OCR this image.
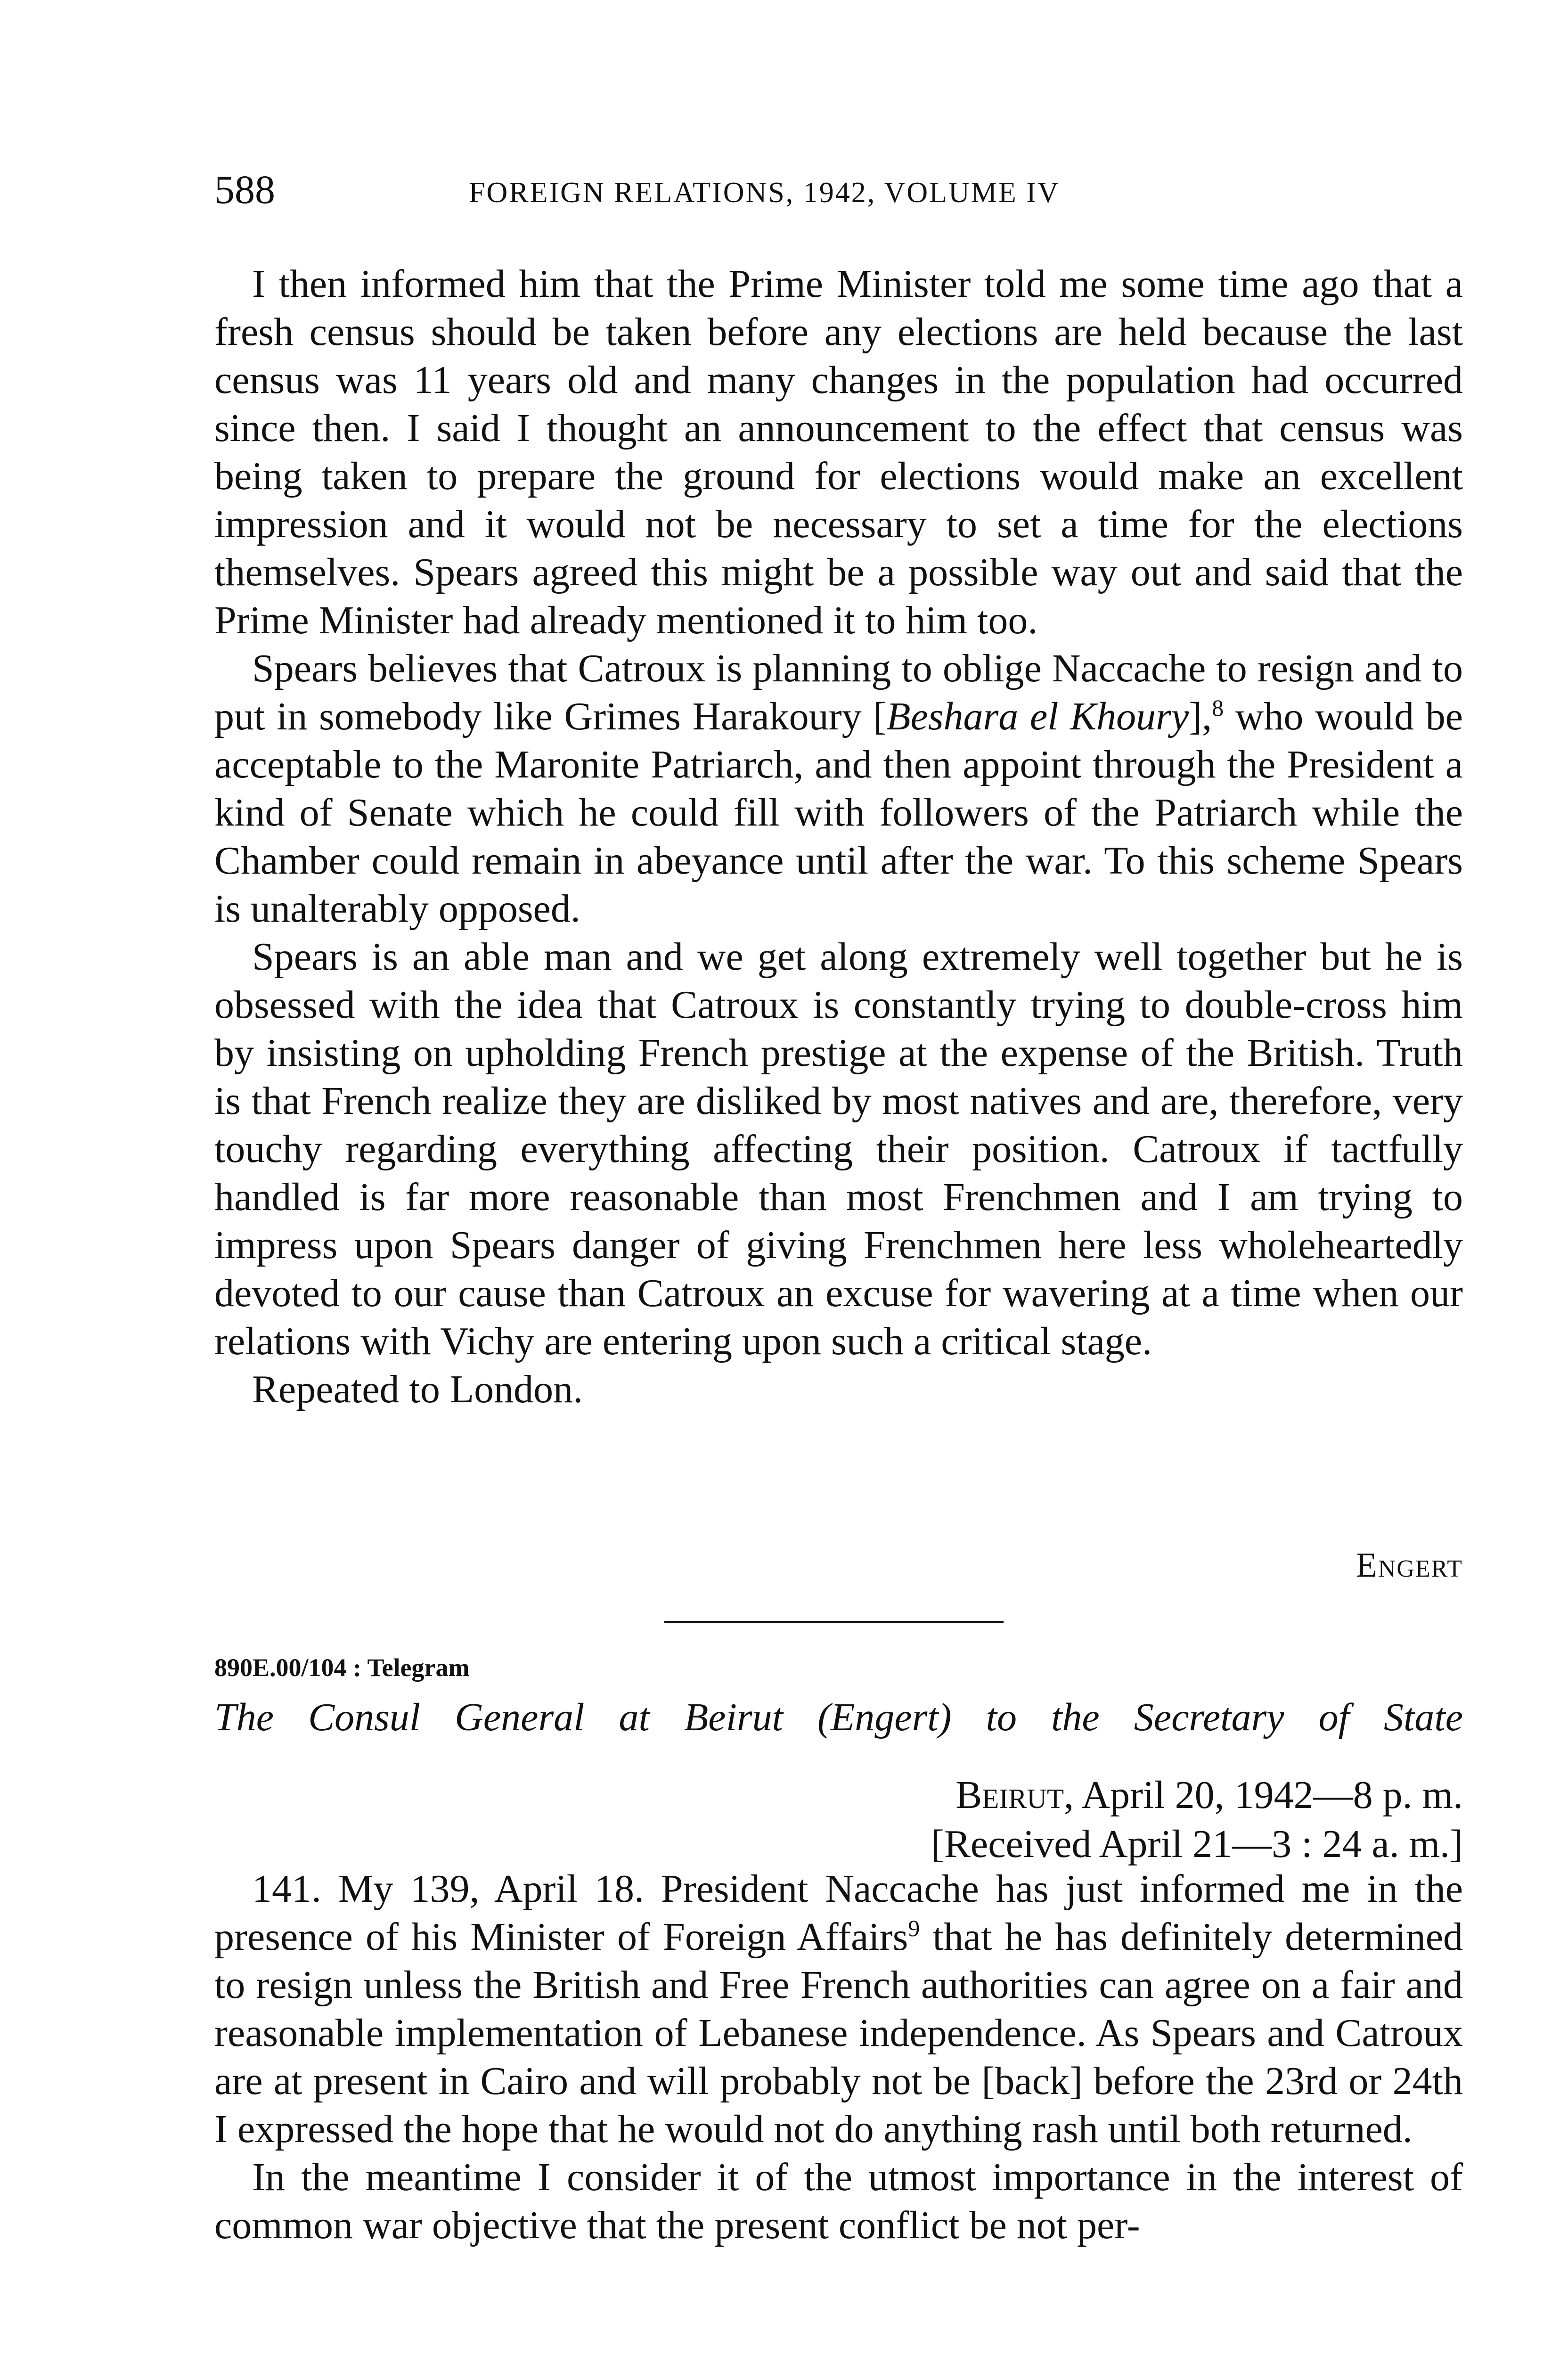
588	FOREIGN RELATIONS, 1942, VOLUME IV

I then informed him that the Prime Minister told me some time ago that a fresh census should be taken before any elections are held because the last census was 11 years old and many changes in the population had occurred since then. I said I thought an announcement to the effect that census was being taken to prepare the ground for elections would make an excellent impression and it would not be necessary to set a time for the elections themselves. Spears agreed this might be a possible way out and said that the Prime Minister had already mentioned it to him too.

Spears believes that Catroux is planning to oblige Naccache to resign and to put in somebody like Grimes Harakoury [Beshara el Khoury],$^8$ who would be acceptable to the Maronite Patriarch, and then appoint through the President a kind of Senate which he could fill with followers of the Patriarch while the Chamber could remain in abeyance until after the war. To this scheme Spears is unalterably opposed.

Spears is an able man and we get along extremely well together but he is obsessed with the idea that Catroux is constantly trying to double-cross him by insisting on upholding French prestige at the expense of the British. Truth is that French realize they are disliked by most natives and are, therefore, very touchy regarding everything affecting their position. Catroux if tactfully handled is far more reasonable than most Frenchmen and I am trying to impress upon Spears danger of giving Frenchmen here less wholeheartedly devoted to our cause than Catroux an excuse for wavering at a time when our relations with Vichy are entering upon such a critical stage.

Repeated to London.

Engert
890E.00/104 : Telegram
The Consul General at Beirut (Engert) to the Secretary of State
Beirut, April 20, 1942—8 p. m.
[Received April 21—3 : 24 a. m.]

141. My 139, April 18. President Naccache has just informed me in the presence of his Minister of Foreign Affairs$^9$ that he has definitely determined to resign unless the British and Free French authorities can agree on a fair and reasonable implementation of Lebanese independence. As Spears and Catroux are at present in Cairo and will probably not be [back] before the 23rd or 24th I expressed the hope that he would not do anything rash until both returned.

In the meantime I consider it of the utmost importance in the interest of common war objective that the present conflict be not per-
